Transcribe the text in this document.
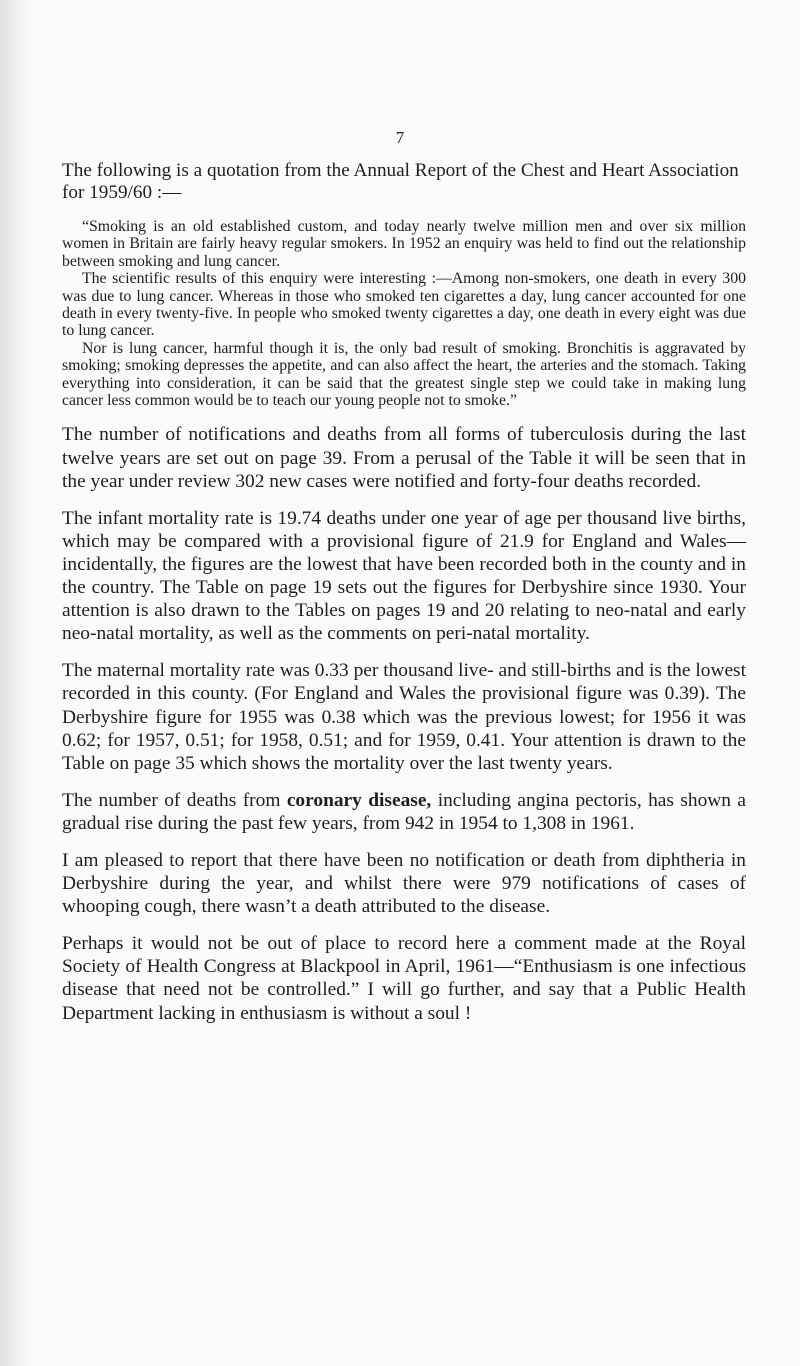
7

The following is a quotation from the Annual Report of the Chest and Heart Association for 1959/60 :—

“Smoking is an old established custom, and today nearly twelve million men and over six million women in Britain are fairly heavy regular smokers. In 1952 an enquiry was held to find out the relationship between smoking and lung cancer.

The scientific results of this enquiry were interesting :—Among non-smokers, one death in every 300 was due to lung cancer. Whereas in those who smoked ten cigarettes a day, lung cancer accounted for one death in every twenty-five. In people who smoked twenty cigarettes a day, one death in every eight was due to lung cancer.

Nor is lung cancer, harmful though it is, the only bad result of smoking. Bronchitis is aggravated by smoking; smoking depresses the appetite, and can also affect the heart, the arteries and the stomach. Taking everything into consideration, it can be said that the greatest single step we could take in making lung cancer less common would be to teach our young people not to smoke.”

The number of notifications and deaths from all forms of tuberculosis during the last twelve years are set out on page 39. From a perusal of the Table it will be seen that in the year under review 302 new cases were notified and forty-four deaths recorded.

The infant mortality rate is 19.74 deaths under one year of age per thousand live births, which may be compared with a provisional figure of 21.9 for England and Wales—incidentally, the figures are the lowest that have been recorded both in the county and in the country. The Table on page 19 sets out the figures for Derbyshire since 1930. Your attention is also drawn to the Tables on pages 19 and 20 relating to neo-natal and early neo-natal mortality, as well as the comments on peri-natal mortality.

The maternal mortality rate was 0.33 per thousand live- and still-births and is the lowest recorded in this county. (For England and Wales the provisional figure was 0.39). The Derbyshire figure for 1955 was 0.38 which was the previous lowest; for 1956 it was 0.62; for 1957, 0.51; for 1958, 0.51; and for 1959, 0.41. Your attention is drawn to the Table on page 35 which shows the mortality over the last twenty years.

The number of deaths from coronary disease, including angina pectoris, has shown a gradual rise during the past few years, from 942 in 1954 to 1,308 in 1961.

I am pleased to report that there have been no notification or death from diphtheria in Derbyshire during the year, and whilst there were 979 notifications of cases of whooping cough, there wasn’t a death attributed to the disease.

Perhaps it would not be out of place to record here a comment made at the Royal Society of Health Congress at Blackpool in April, 1961—“Enthusiasm is one infectious disease that need not be controlled.” I will go further, and say that a Public Health Department lacking in enthusiasm is without a soul !
